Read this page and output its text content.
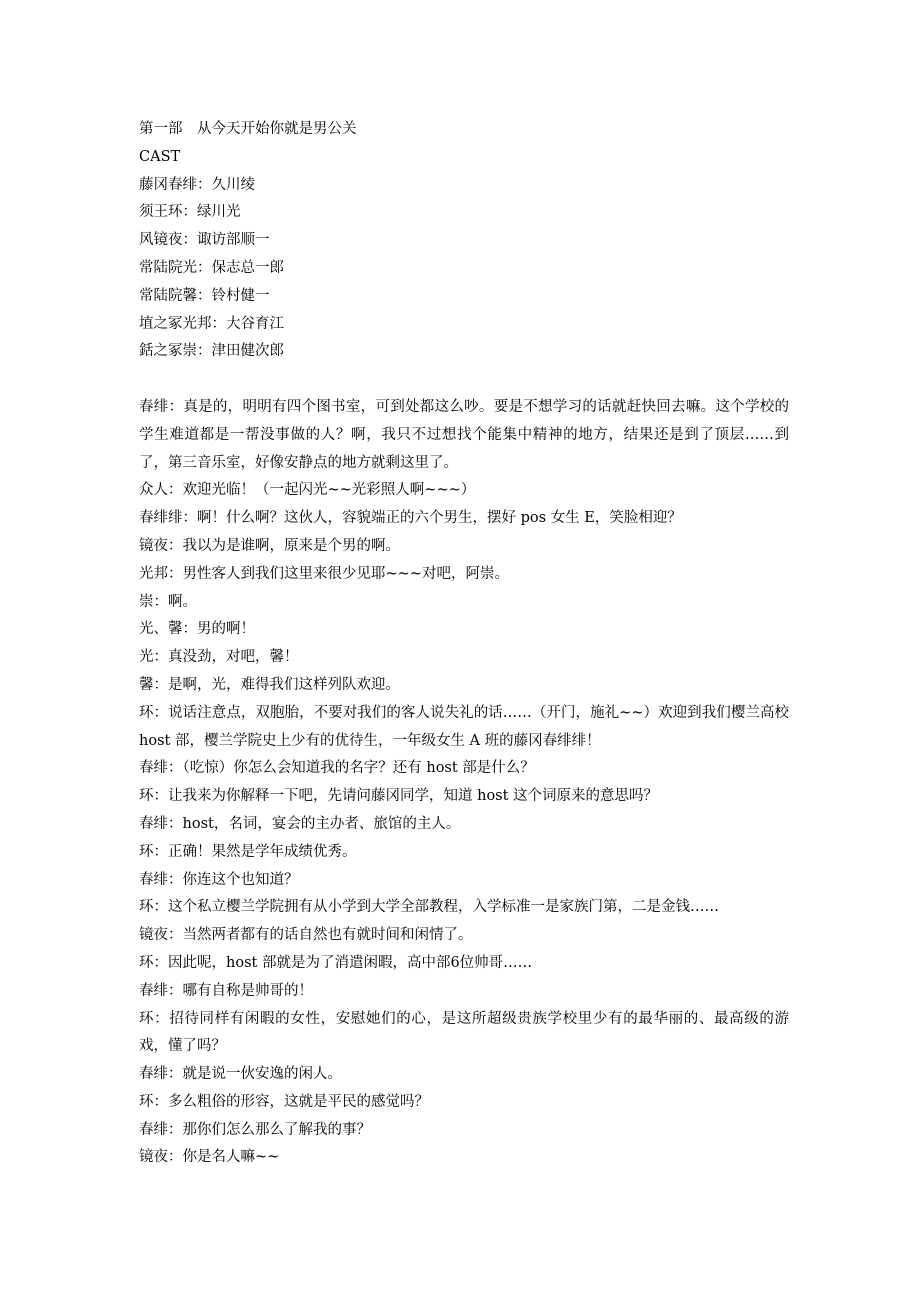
第一部　从今天开始你就是男公关

CAST

藤冈春绯：久川绫

须王环：绿川光

风镜夜：诹访部顺一

常陆院光：保志总一郎

常陆院馨：铃村健一

埴之冢光邦：大谷育江

銛之冢崇：津田健次郎

春绯：真是的，明明有四个图书室，可到处都这么吵。要是不想学习的话就赶快回去嘛。这个学校的学生难道都是一帮没事做的人？啊，我只不过想找个能集中精神的地方，结果还是到了顶层……到了，第三音乐室，好像安静点的地方就剩这里了。

众人：欢迎光临！（一起闪光~~光彩照人啊~~~）

春绯绯：啊！什么啊？这伙人，容貌端正的六个男生，摆好 pos 女生 E，笑脸相迎？

镜夜：我以为是谁啊，原来是个男的啊。

光邦：男性客人到我们这里来很少见耶~~~对吧，阿崇。

崇：啊。

光、馨：男的啊！

光：真没劲，对吧，馨！

馨：是啊，光，难得我们这样列队欢迎。

环：说话注意点，双胞胎，不要对我们的客人说失礼的话……（开门，施礼~~）欢迎到我们樱兰高校 host 部，樱兰学院史上少有的优待生，一年级女生 A 班的藤冈春绯绯！

春绯：（吃惊）你怎么会知道我的名字？还有 host 部是什么？

环：让我来为你解释一下吧，先请问藤冈同学，知道 host 这个词原来的意思吗？

春绯：host，名词，宴会的主办者、旅馆的主人。

环：正确！果然是学年成绩优秀。

春绯：你连这个也知道？

环：这个私立樱兰学院拥有从小学到大学全部教程，入学标准一是家族门第，二是金钱……

镜夜：当然两者都有的话自然也有就时间和闲情了。

环：因此呢，host 部就是为了消遣闲暇，高中部6位帅哥……

春绯：哪有自称是帅哥的！

环：招待同样有闲暇的女性，安慰她们的心，是这所超级贵族学校里少有的最华丽的、最高级的游戏，懂了吗？

春绯：就是说一伙安逸的闲人。

环：多么粗俗的形容，这就是平民的感觉吗？

春绯：那你们怎么那么了解我的事？

镜夜：你是名人嘛~~
